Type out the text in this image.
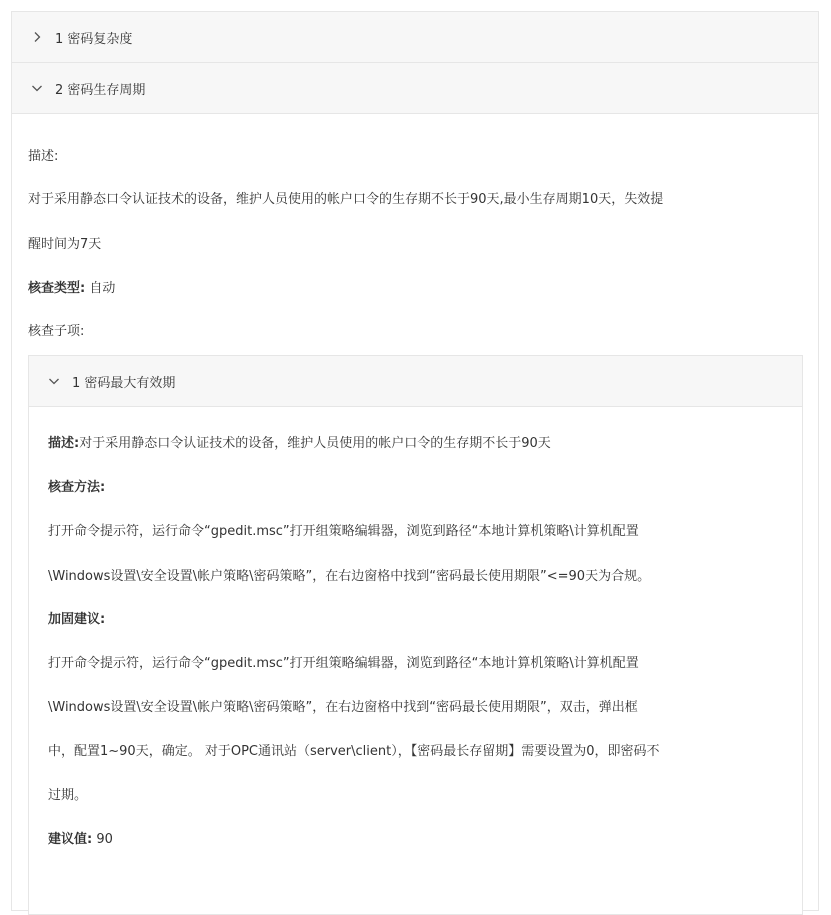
1 密码复杂度
2 密码生存周期
描述:
对于采用静态口令认证技术的设备，维护人员使用的帐户口令的生存期不长于90天,最小生存周期10天，失效提
醒时间为7天
核查类型: 自动
核查子项:
1 密码最大有效期
描述:对于采用静态口令认证技术的设备，维护人员使用的帐户口令的生存期不长于90天
核查方法:
打开命令提示符，运行命令“gpedit.msc”打开组策略编辑器，浏览到路径“本地计算机策略\计算机配置
\Windows设置\安全设置\帐户策略\密码策略”，在右边窗格中找到“密码最长使用期限”<=90天为合规。
加固建议:
打开命令提示符，运行命令“gpedit.msc”打开组策略编辑器，浏览到路径“本地计算机策略\计算机配置
\Windows设置\安全设置\帐户策略\密码策略”，在右边窗格中找到“密码最长使用期限”，双击，弹出框
中，配置1~90天，确定。 对于OPC通讯站（server\client），【密码最长存留期】需要设置为0，即密码不
过期。
建议值: 90
